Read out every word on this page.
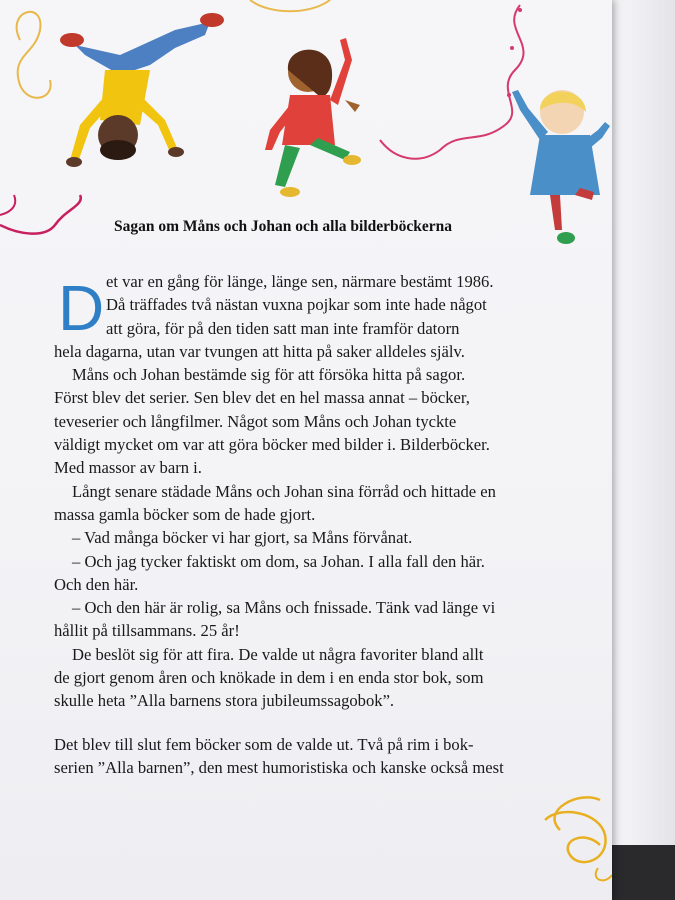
Sagan om Måns och Johan och alla bilderböckerna
D et var en gång för länge, länge sen, närmare bestämt 1986.
Då träffades två nästan vuxna pojkar som inte hade något
att göra, för på den tiden satt man inte framför datorn
hela dagarna, utan var tvungen att hitta på saker alldeles själv.
Måns och Johan bestämde sig för att försöka hitta på sagor.
Först blev det serier. Sen blev det en hel massa annat – böcker,
teveserier och långfilmer. Något som Måns och Johan tyckte
väldigt mycket om var att göra böcker med bilder i. Bilderböcker.
Med massor av barn i.
Långt senare städade Måns och Johan sina förråd och hittade en
massa gamla böcker som de hade gjort.
– Vad många böcker vi har gjort, sa Måns förvånat.
– Och jag tycker faktiskt om dom, sa Johan. I alla fall den här.
Och den här.
– Och den här är rolig, sa Måns och fnissade. Tänk vad länge vi
hållit på tillsammans. 25 år!
De beslöt sig för att fira. De valde ut några favoriter bland allt
de gjort genom åren och knökade in dem i en enda stor bok, som
skulle heta ”Alla barnens stora jubileumssagobok”.
Det blev till slut fem böcker som de valde ut. Två på rim i bok-
serien ”Alla barnen”, den mest humoristiska och kanske också mest
